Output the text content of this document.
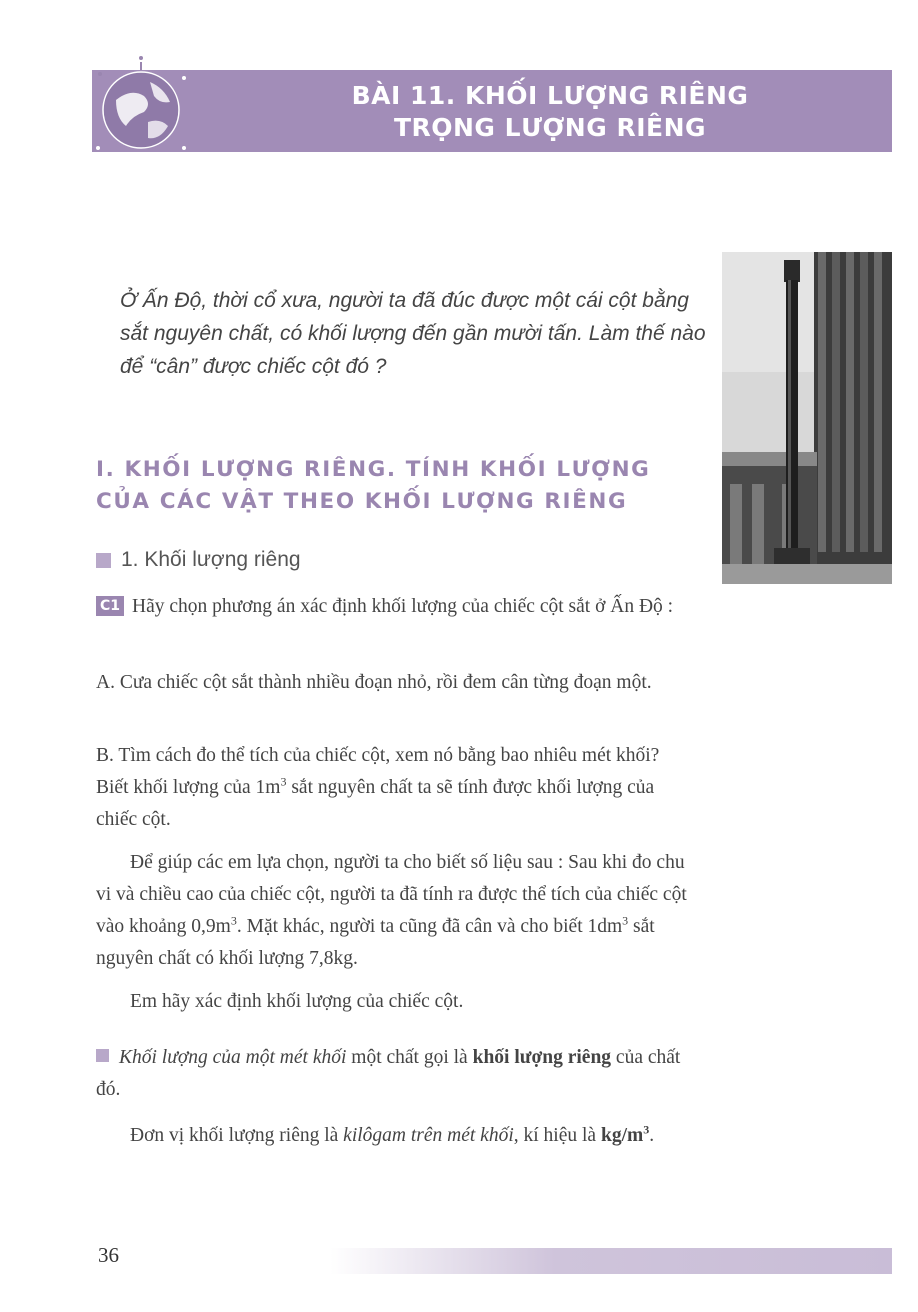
BÀI 11. KHỐI LƯỢNG RIÊNG
TRỌNG LƯỢNG RIÊNG
Ở Ấn Độ, thời cổ xưa, người ta đã đúc được một cái cột bằng sắt nguyên chất, có khối lượng đến gần mười tấn. Làm thế nào để “cân” được chiếc cột đó ?
I. KHỐI LƯỢNG RIÊNG. TÍNH KHỐI LƯỢNG
CỦA CÁC VẬT THEO KHỐI LƯỢNG RIÊNG
1. Khối lượng riêng
C1 Hãy chọn phương án xác định khối lượng của chiếc cột sắt ở Ấn Độ :
A. Cưa chiếc cột sắt thành nhiều đoạn nhỏ, rồi đem cân từng đoạn một.
B. Tìm cách đo thể tích của chiếc cột, xem nó bằng bao nhiêu mét khối? Biết khối lượng của $1m^3$ sắt nguyên chất ta sẽ tính được khối lượng của chiếc cột.
Để giúp các em lựa chọn, người ta cho biết số liệu sau : Sau khi đo chu vi và chiều cao của chiếc cột, người ta đã tính ra được thể tích của chiếc cột vào khoảng $0,9m^3$. Mặt khác, người ta cũng đã cân và cho biết $1dm^3$ sắt nguyên chất có khối lượng 7,8kg.
Em hãy xác định khối lượng của chiếc cột.
Khối lượng của một mét khối một chất gọi là khối lượng riêng của chất đó.
Đơn vị khối lượng riêng là kilôgam trên mét khối, kí hiệu là $kg/m^3$.
36
